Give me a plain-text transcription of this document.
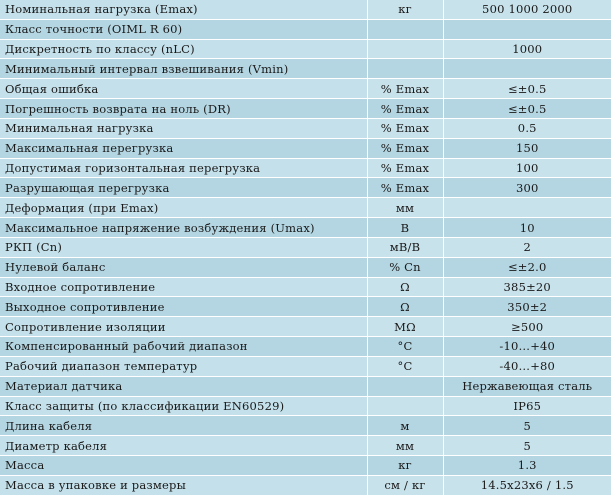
Номинальная нагрузка (Emax)	кг	500 1000 2000
Класс точности (OIML R 60)		
Дискретность по классу (nLC)		1000
Минимальный интервал взвешивания (Vmin)		
Общая ошибка	% Emax	≤±0.5
Погрешность возврата на ноль (DR)	% Emax	≤±0.5
Минимальная нагрузка	% Emax	0.5
Максимальная перегрузка	% Emax	150
Допустимая горизонтальная перегрузка	% Emax	100
Разрушающая перегрузка	% Emax	300
Деформация (при Emax)	мм	
Максимальное напряжение возбуждения (Umax)	В	10
РКП (Cn)	мВ/В	2
Нулевой баланс	% Cn	≤±2.0
Входное сопротивление	Ω	385±20
Выходное сопротивление	Ω	350±2
Сопротивление изоляции	MΩ	≥500
Компенсированный рабочий диапазон	°C	-10…+40
Рабочий диапазон температур	°C	-40…+80
Материал датчика		Нержавеющая сталь
Класс защиты (по классификации EN60529)		IP65
Длина кабеля	м	5
Диаметр кабеля	мм	5
Масса	кг	1.3
Масса в упаковке и размеры	см / кг	14.5x23x6 / 1.5
